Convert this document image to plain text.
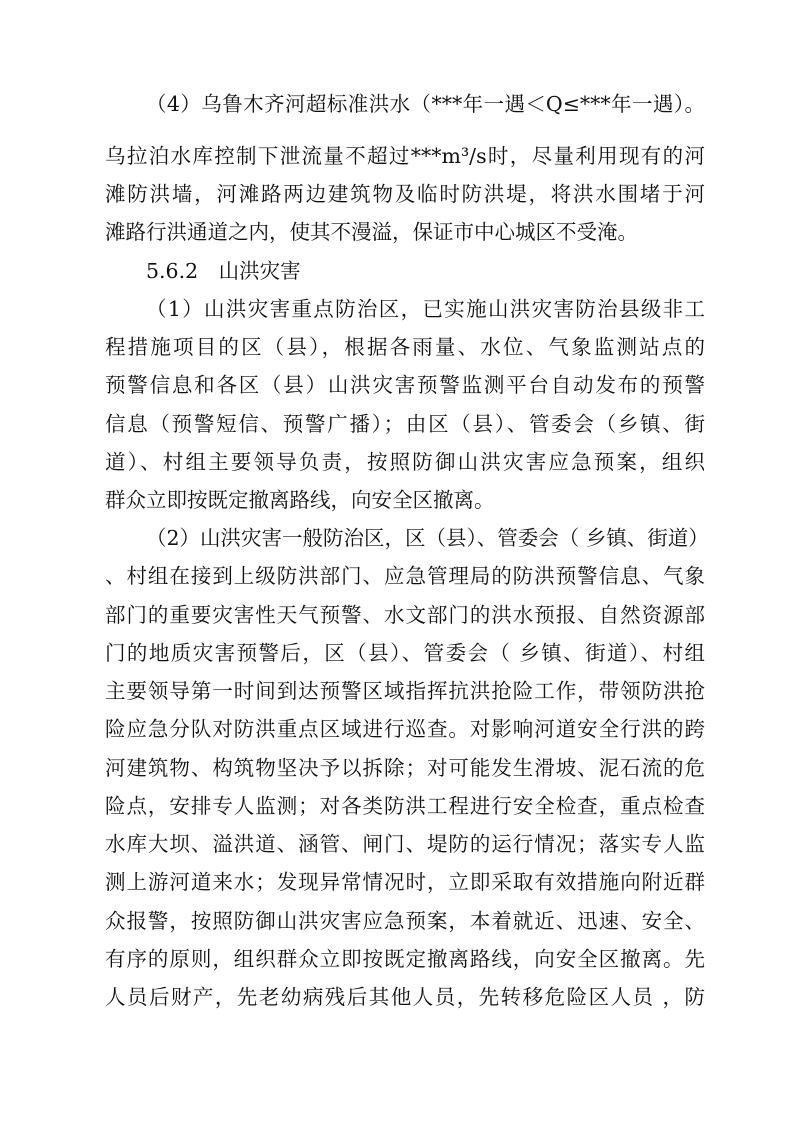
（4）乌鲁木齐河超标准洪水（***年一遇＜Q≤***年一遇）。
乌拉泊水库控制下泄流量不超过***m³/s时，尽量利用现有的河
滩防洪墙，河滩路两边建筑物及临时防洪堤，将洪水围堵于河
滩路行洪通道之内，使其不漫溢，保证市中心城区不受淹。
5.6.2　山洪灾害
（1）山洪灾害重点防治区，已实施山洪灾害防治县级非工
程措施项目的区（县），根据各雨量、水位、气象监测站点的
预警信息和各区（县）山洪灾害预警监测平台自动发布的预警
信息（预警短信、预警广播）；由区（县）、管委会（乡镇、街
道）、村组主要领导负责，按照防御山洪灾害应急预案，组织
群众立即按既定撤离路线，向安全区撤离。
（2）山洪灾害一般防治区，区（县）、管委会（ 乡镇、街道）
、村组在接到上级防洪部门、应急管理局的防洪预警信息、气象
部门的重要灾害性天气预警、水文部门的洪水预报、自然资源部
门的地质灾害预警后，区（县）、管委会（ 乡镇、街道）、村组
主要领导第一时间到达预警区域指挥抗洪抢险工作，带领防洪抢
险应急分队对防洪重点区域进行巡查。对影响河道安全行洪的跨
河建筑物、构筑物坚决予以拆除；对可能发生滑坡、泥石流的危
险点，安排专人监测；对各类防洪工程进行安全检查，重点检查
水库大坝、溢洪道、涵管、闸门、堤防的运行情况；落实专人监
测上游河道来水；发现异常情况时，立即采取有效措施向附近群
众报警，按照防御山洪灾害应急预案，本着就近、迅速、安全、
有序的原则，组织群众立即按既定撤离路线，向安全区撤离。先
人员后财产，先老幼病残后其他人员，先转移危险区人员 ，防
